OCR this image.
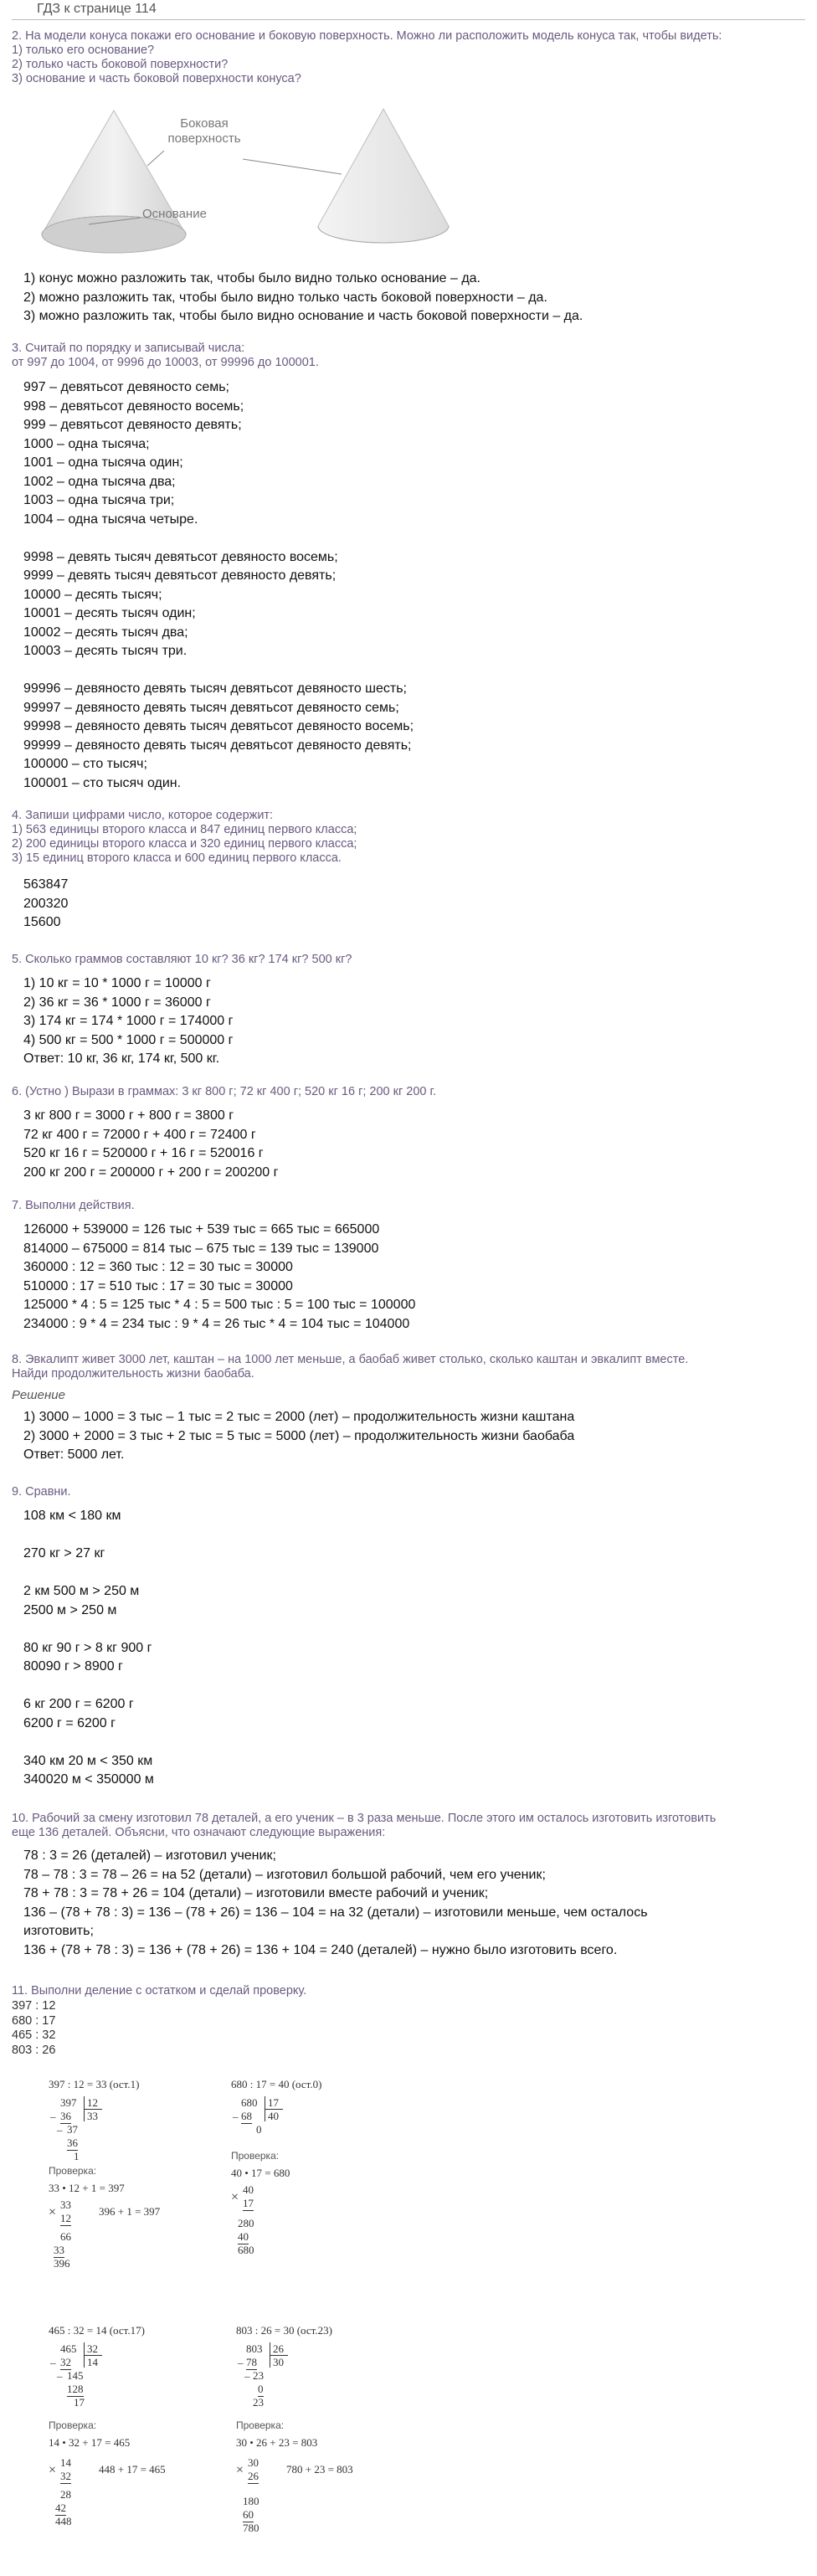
ГДЗ к странице 114
2. На модели конуса покажи его основание и боковую поверхность. Можно ли расположить модель конуса так, чтобы видеть:
1) только его основание?
2) только часть боковой поверхности?
3) основание и часть боковой поверхности конуса?
Боковая
поверхность
Основание
1) конус можно разложить так, чтобы было видно только основание – да.
2) можно разложить так, чтобы было видно только часть боковой поверхности – да.
3) можно разложить так, чтобы было видно основание и часть боковой поверхности – да.
3. Считай по порядку и записывай числа:
от 997 до 1004, от 9996 до 10003, от 99996 до 100001.
997 – девятьсот девяносто семь;
998 – девятьсот девяносто восемь;
999 – девятьсот девяносто девять;
1000 – одна тысяча;
1001 – одна тысяча один;
1002 – одна тысяча два;
1003 – одна тысяча три;
1004 – одна тысяча четыре.
9998 – девять тысяч девятьсот девяносто восемь;
9999 – девять тысяч девятьсот девяносто девять;
10000 – десять тысяч;
10001 – десять тысяч один;
10002 – десять тысяч два;
10003 – десять тысяч три.
99996 – девяносто девять тысяч девятьсот девяносто шесть;
99997 – девяносто девять тысяч девятьсот девяносто семь;
99998 – девяносто девять тысяч девятьсот девяносто восемь;
99999 – девяносто девять тысяч девятьсот девяносто девять;
100000 – сто тысяч;
100001 – сто тысяч один.
4. Запиши цифрами число, которое содержит:
1) 563 единицы второго класса и 847 единиц первого класса;
2) 200 единицы второго класса и 320 единиц первого класса;
3) 15 единиц второго класса и 600 единиц первого класса.
563847
200320
15600
5. Сколько граммов составляют 10 кг? 36 кг? 174 кг? 500 кг?
1) 10 кг = 10 * 1000 г = 10000 г
2) 36 кг = 36 * 1000 г = 36000 г
3) 174 кг = 174 * 1000 г = 174000 г
4) 500 кг = 500 * 1000 г = 500000 г
Ответ: 10 кг, 36 кг, 174 кг, 500 кг.
6. (Устно ) Вырази в граммах: 3 кг 800 г; 72 кг 400 г; 520 кг 16 г; 200 кг 200 г.
3 кг 800 г = 3000 г + 800 г = 3800 г
72 кг 400 г = 72000 г + 400 г = 72400 г
520 кг 16 г = 520000 г + 16 г = 520016 г
200 кг 200 г = 200000 г + 200 г = 200200 г
7. Выполни действия.
126000 + 539000 = 126 тыс + 539 тыс = 665 тыс = 665000
814000 – 675000 = 814 тыс – 675 тыс = 139 тыс = 139000
360000 : 12 = 360 тыс : 12 = 30 тыс = 30000
510000 : 17 = 510 тыс : 17 = 30 тыс = 30000
125000 * 4 : 5 = 125 тыс * 4 : 5 = 500 тыс : 5 = 100 тыс = 100000
234000 : 9 * 4 = 234 тыс : 9 * 4 = 26 тыс * 4 = 104 тыс = 104000
8. Эвкалипт живет 3000 лет, каштан – на 1000 лет меньше, а баобаб живет столько, сколько каштан и эвкалипт вместе.
Найди продолжительность жизни баобаба.
Решение
1) 3000 – 1000 = 3 тыс – 1 тыс = 2 тыс = 2000 (лет) – продолжительность жизни каштана
2) 3000 + 2000 = 3 тыс + 2 тыс = 5 тыс = 5000 (лет) – продолжительность жизни баобаба
Ответ: 5000 лет.
9. Сравни.
108 км < 180 км
270 кг > 27 кг
2 км 500 м > 250 м
2500 м > 250 м
80 кг 90 г > 8 кг 900 г
80090 г > 8900 г
6 кг 200 г = 6200 г
6200 г = 6200 г
340 км 20 м < 350 км
340020 м < 350000 м
10. Рабочий за смену изготовил 78 деталей, а его ученик – в 3 раза меньше. После этого им осталось изготовить изготовить
еще 136 деталей. Объясни, что означают следующие выражения:
78 : 3 = 26 (деталей) – изготовил ученик;
78 – 78 : 3 = 78 – 26 = на 52 (детали) – изготовил большой рабочий, чем его ученик;
78 + 78 : 3 = 78 + 26 = 104 (детали) – изготовили вместе рабочий и ученик;
136 – (78 + 78 : 3) = 136 – (78 + 26) = 136 – 104 = на 32 (детали) – изготовили меньше, чем осталось
изготовить;
136 + (78 + 78 : 3) = 136 + (78 + 26) = 136 + 104 = 240 (деталей) – нужно было изготовить всего.
11. Выполни деление с остатком и сделай проверку.
397 : 12
680 : 17
465 : 32
803 : 26
397 : 12 = 33 (ост.1)
397 12
33
_ 36
_ 37
36
1
Проверка:
33 • 12 + 1 = 397
×
33
12
396 + 1 = 397
66
33
396
680 : 17 = 40 (ост.0)
680 17
40
_ 68
0
Проверка:
40 • 17 = 680
×
40
17
280
40
680
465 : 32 = 14 (ост.17)
465 32
14
_ 32
_ 145
128
17
Проверка:
14 • 32 + 17 = 465
×
14
32
448 + 17 = 465
28
42
448
803 : 26 = 30 (ост.23)
803 26
30
_ 78
_ 23
0
23
Проверка:
30 • 26 + 23 = 803
×
30
26
780 + 23 = 803
180
60
780
